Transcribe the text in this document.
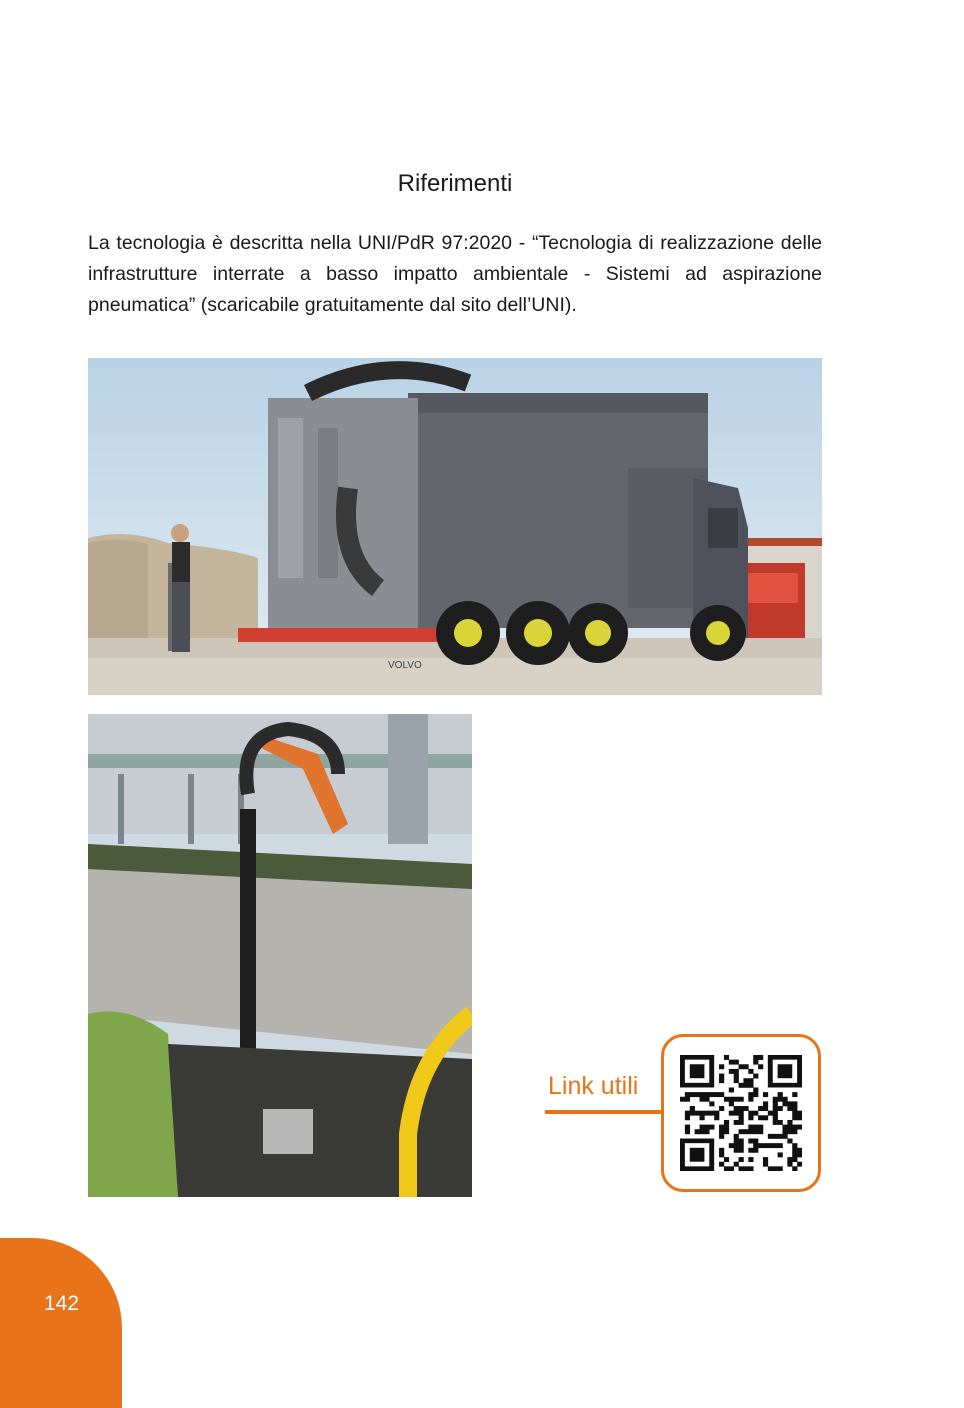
Riferimenti

La tecnologia è descritta nella UNI/PdR 97:2020 - “Tecnologia di realizzazione delle infrastrutture interrate a basso impatto ambientale - Sistemi ad aspirazione pneumatica” (scaricabile gratuitamente dal sito dell’UNI).

VOLVO
Link utili
142
